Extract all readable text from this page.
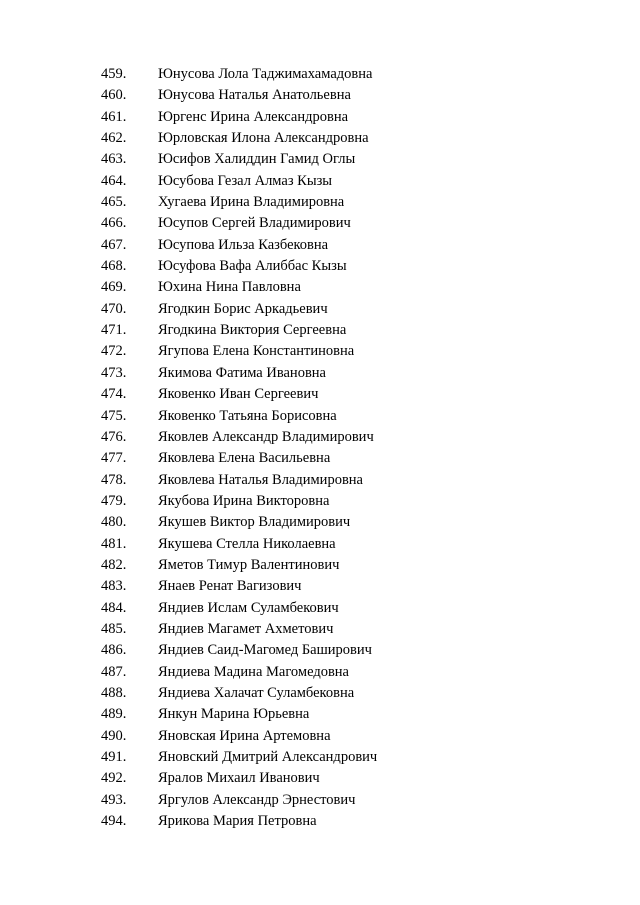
459.	Юнусова Лола Таджимахамадовна
460.	Юнусова Наталья Анатольевна
461.	Юргенс Ирина Александровна
462.	Юрловская Илона Александровна
463.	Юсифов Халиддин Гамид Оглы
464.	Юсубова Гезал Алмаз Кызы
465.	Хугаева Ирина Владимировна
466.	Юсупов Сергей Владимирович
467.	Юсупова Ильза Казбековна
468.	Юсуфова Вафа Алиббас Кызы
469.	Юхина Нина Павловна
470.	Ягодкин Борис Аркадьевич
471.	Ягодкина Виктория Сергеевна
472.	Ягупова Елена Константиновна
473.	Якимова Фатима Ивановна
474.	Яковенко Иван Сергеевич
475.	Яковенко Татьяна Борисовна
476.	Яковлев Александр Владимирович
477.	Яковлева Елена Васильевна
478.	Яковлева Наталья Владимировна
479.	Якубова Ирина Викторовна
480.	Якушев Виктор Владимирович
481.	Якушева Стелла Николаевна
482.	Яметов Тимур Валентинович
483.	Янаев Ренат Вагизович
484.	Яндиев Ислам Суламбекович
485.	Яндиев Магамет Ахметович
486.	Яндиев Саид-Магомед Баширович
487.	Яндиева Мадина Магомедовна
488.	Яндиева Халачат Суламбековна
489.	Янкун Марина Юрьевна
490.	Яновская Ирина Артемовна
491.	Яновский Дмитрий Александрович
492.	Яралов Михаил Иванович
493.	Яргулов Александр Эрнестович
494.	Ярикова Мария Петровна
